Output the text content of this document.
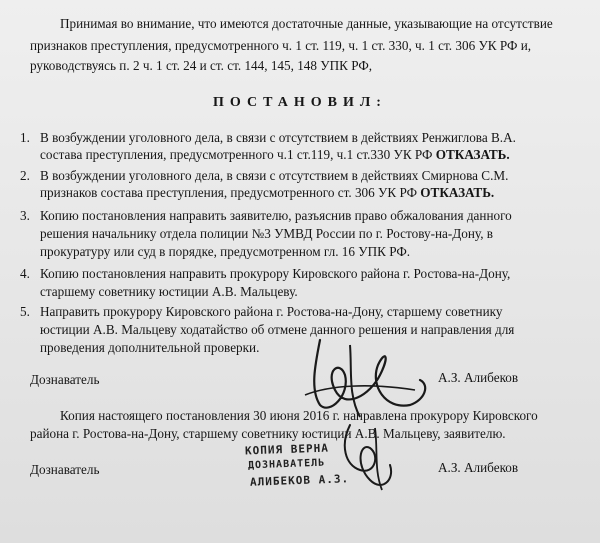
Принимая во внимание, что имеются достаточные данные, указывающие на отсутствие
признаков преступления, предусмотренного ч. 1 ст. 119, ч. 1 ст. 330, ч. 1 ст. 306 УК РФ и,
руководствуясь п. 2 ч. 1 ст. 24 и ст. ст. 144, 145, 148 УПК РФ,
ПОСТАНОВИЛ:
1. В возбуждении уголовного дела, в связи с отсутствием в действиях Ренжиглова В.А.
состава преступления, предусмотренного ч.1 ст.119, ч.1 ст.330 УК РФ ОТКАЗАТЬ.
2. В возбуждении уголовного дела, в связи с отсутствием в действиях Смирнова С.М.
признаков состава преступления, предусмотренного ст. 306 УК РФ ОТКАЗАТЬ.
3. Копию постановления направить заявителю, разъяснив право обжалования данного
решения начальнику отдела полиции №3 УМВД России по г. Ростову-на-Дону, в
прокуратуру или суд в порядке, предусмотренном гл. 16 УПК РФ.
4. Копию постановления направить прокурору Кировского района г. Ростова-на-Дону,
старшему советнику юстиции А.В. Мальцеву.
5. Направить прокурору Кировского района г. Ростова-на-Дону, старшему советнику
юстиции А.В. Мальцеву ходатайство об отмене данного решения и направления для
проведения дополнительной проверки.
Дознаватель	А.З. Алибеков
Копия настоящего постановления 30 июня 2016 г. направлена прокурору Кировского
района г. Ростова-на-Дону, старшему советнику юстиции А.В. Мальцеву, заявителю.
Дознаватель	А.З. Алибеков
КОПИЯ ВЕРНА
ДОЗНАВАТЕЛЬ
АЛИБЕКОВ А.З.
